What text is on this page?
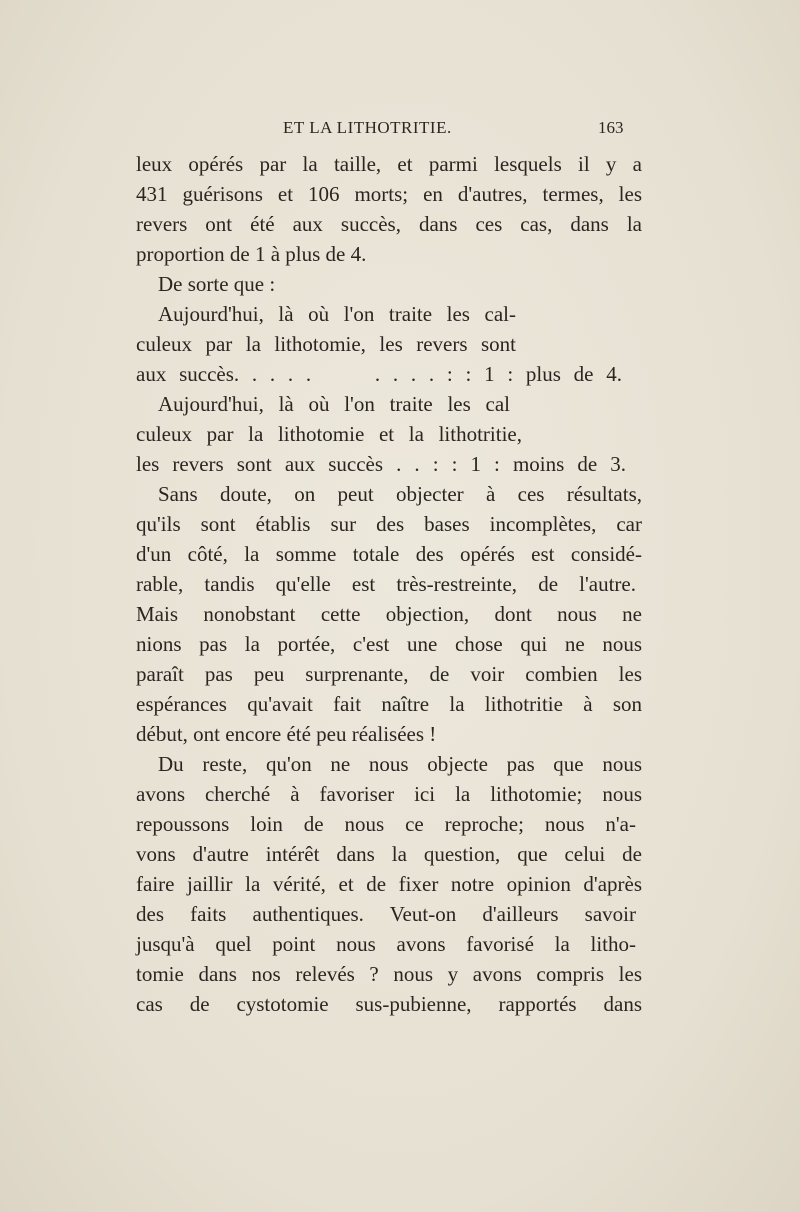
ET LA LITHOTRITIE.	163
leux opérés par la taille, et parmi lesquels il y a
431 guérisons et 106 morts; en d'autres, termes, les
revers ont été aux succès, dans ces cas, dans la
proportion de 1 à plus de 4.
De sorte que :
Aujourd'hui, là où l'on traite les cal-
culeux par la lithotomie, les revers sont
aux succès. . . . .     . . . . : : 1 : plus de 4.
Aujourd'hui, là où l'on traite les cal
culeux par la lithotomie et la lithotritie,
les revers sont aux succès . . : : 1 : moins de 3.
Sans doute, on peut objecter à ces résultats,
qu'ils sont établis sur des bases incomplètes, car
d'un côté, la somme totale des opérés est considé-
rable, tandis qu'elle est très-restreinte, de l'autre.
Mais nonobstant cette objection, dont nous ne
nions pas la portée, c'est une chose qui ne nous
paraît pas peu surprenante, de voir combien les
espérances qu'avait fait naître la lithotritie à son
début, ont encore été peu réalisées !
Du reste, qu'on ne nous objecte pas que nous
avons cherché à favoriser ici la lithotomie; nous
repoussons loin de nous ce reproche; nous n'a-
vons d'autre intérêt dans la question, que celui de
faire jaillir la vérité, et de fixer notre opinion d'après
des faits authentiques. Veut-on d'ailleurs savoir
jusqu'à quel point nous avons favorisé la litho-
tomie dans nos relevés ? nous y avons compris les
cas de cystotomie sus-pubienne, rapportés dans
